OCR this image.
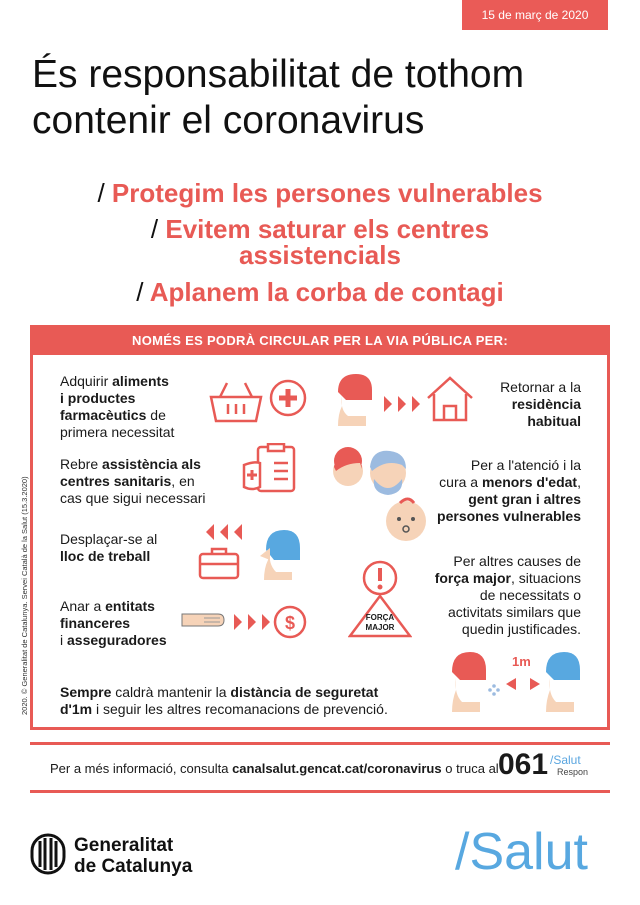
15 de març de 2020
És responsabilitat de tothom
contenir el coronavirus
/ Protegim les persones vulnerables
/ Evitem saturar els centres
assistencials
/ Aplanem la corba de contagi
NOMÉS ES PODRÀ CIRCULAR PER LA VIA PÚBLICA PER:
Adquirir aliments
i productes
farmacèutics de
primera necessitat
Rebre assistència als
centres sanitaris, en
cas que sigui necessari
Desplaçar-se al
lloc de treball
Anar a entitats
financeres
i asseguradores
Retornar a la
residència
habitual
Per a l'atenció i la
cura a menors d'edat,
gent gran i altres
persones vulnerables
Per altres causes de
força major, situacions
de necessitats o
activitats similars que
quedin justificades.
Sempre caldrà mantenir la distància de seguretat
d'1m i seguir les altres recomanacions de prevenció.
$	FORÇA
MAJOR
1m
Per a més informació, consulta canalsalut.gencat.cat/coronavirus o truca al 061 /Salut
Respon
2020. © Generalitat de Catalunya. Servei Català de la Salut (15.3.2020)
Generalitat
de Catalunya	/Salut
